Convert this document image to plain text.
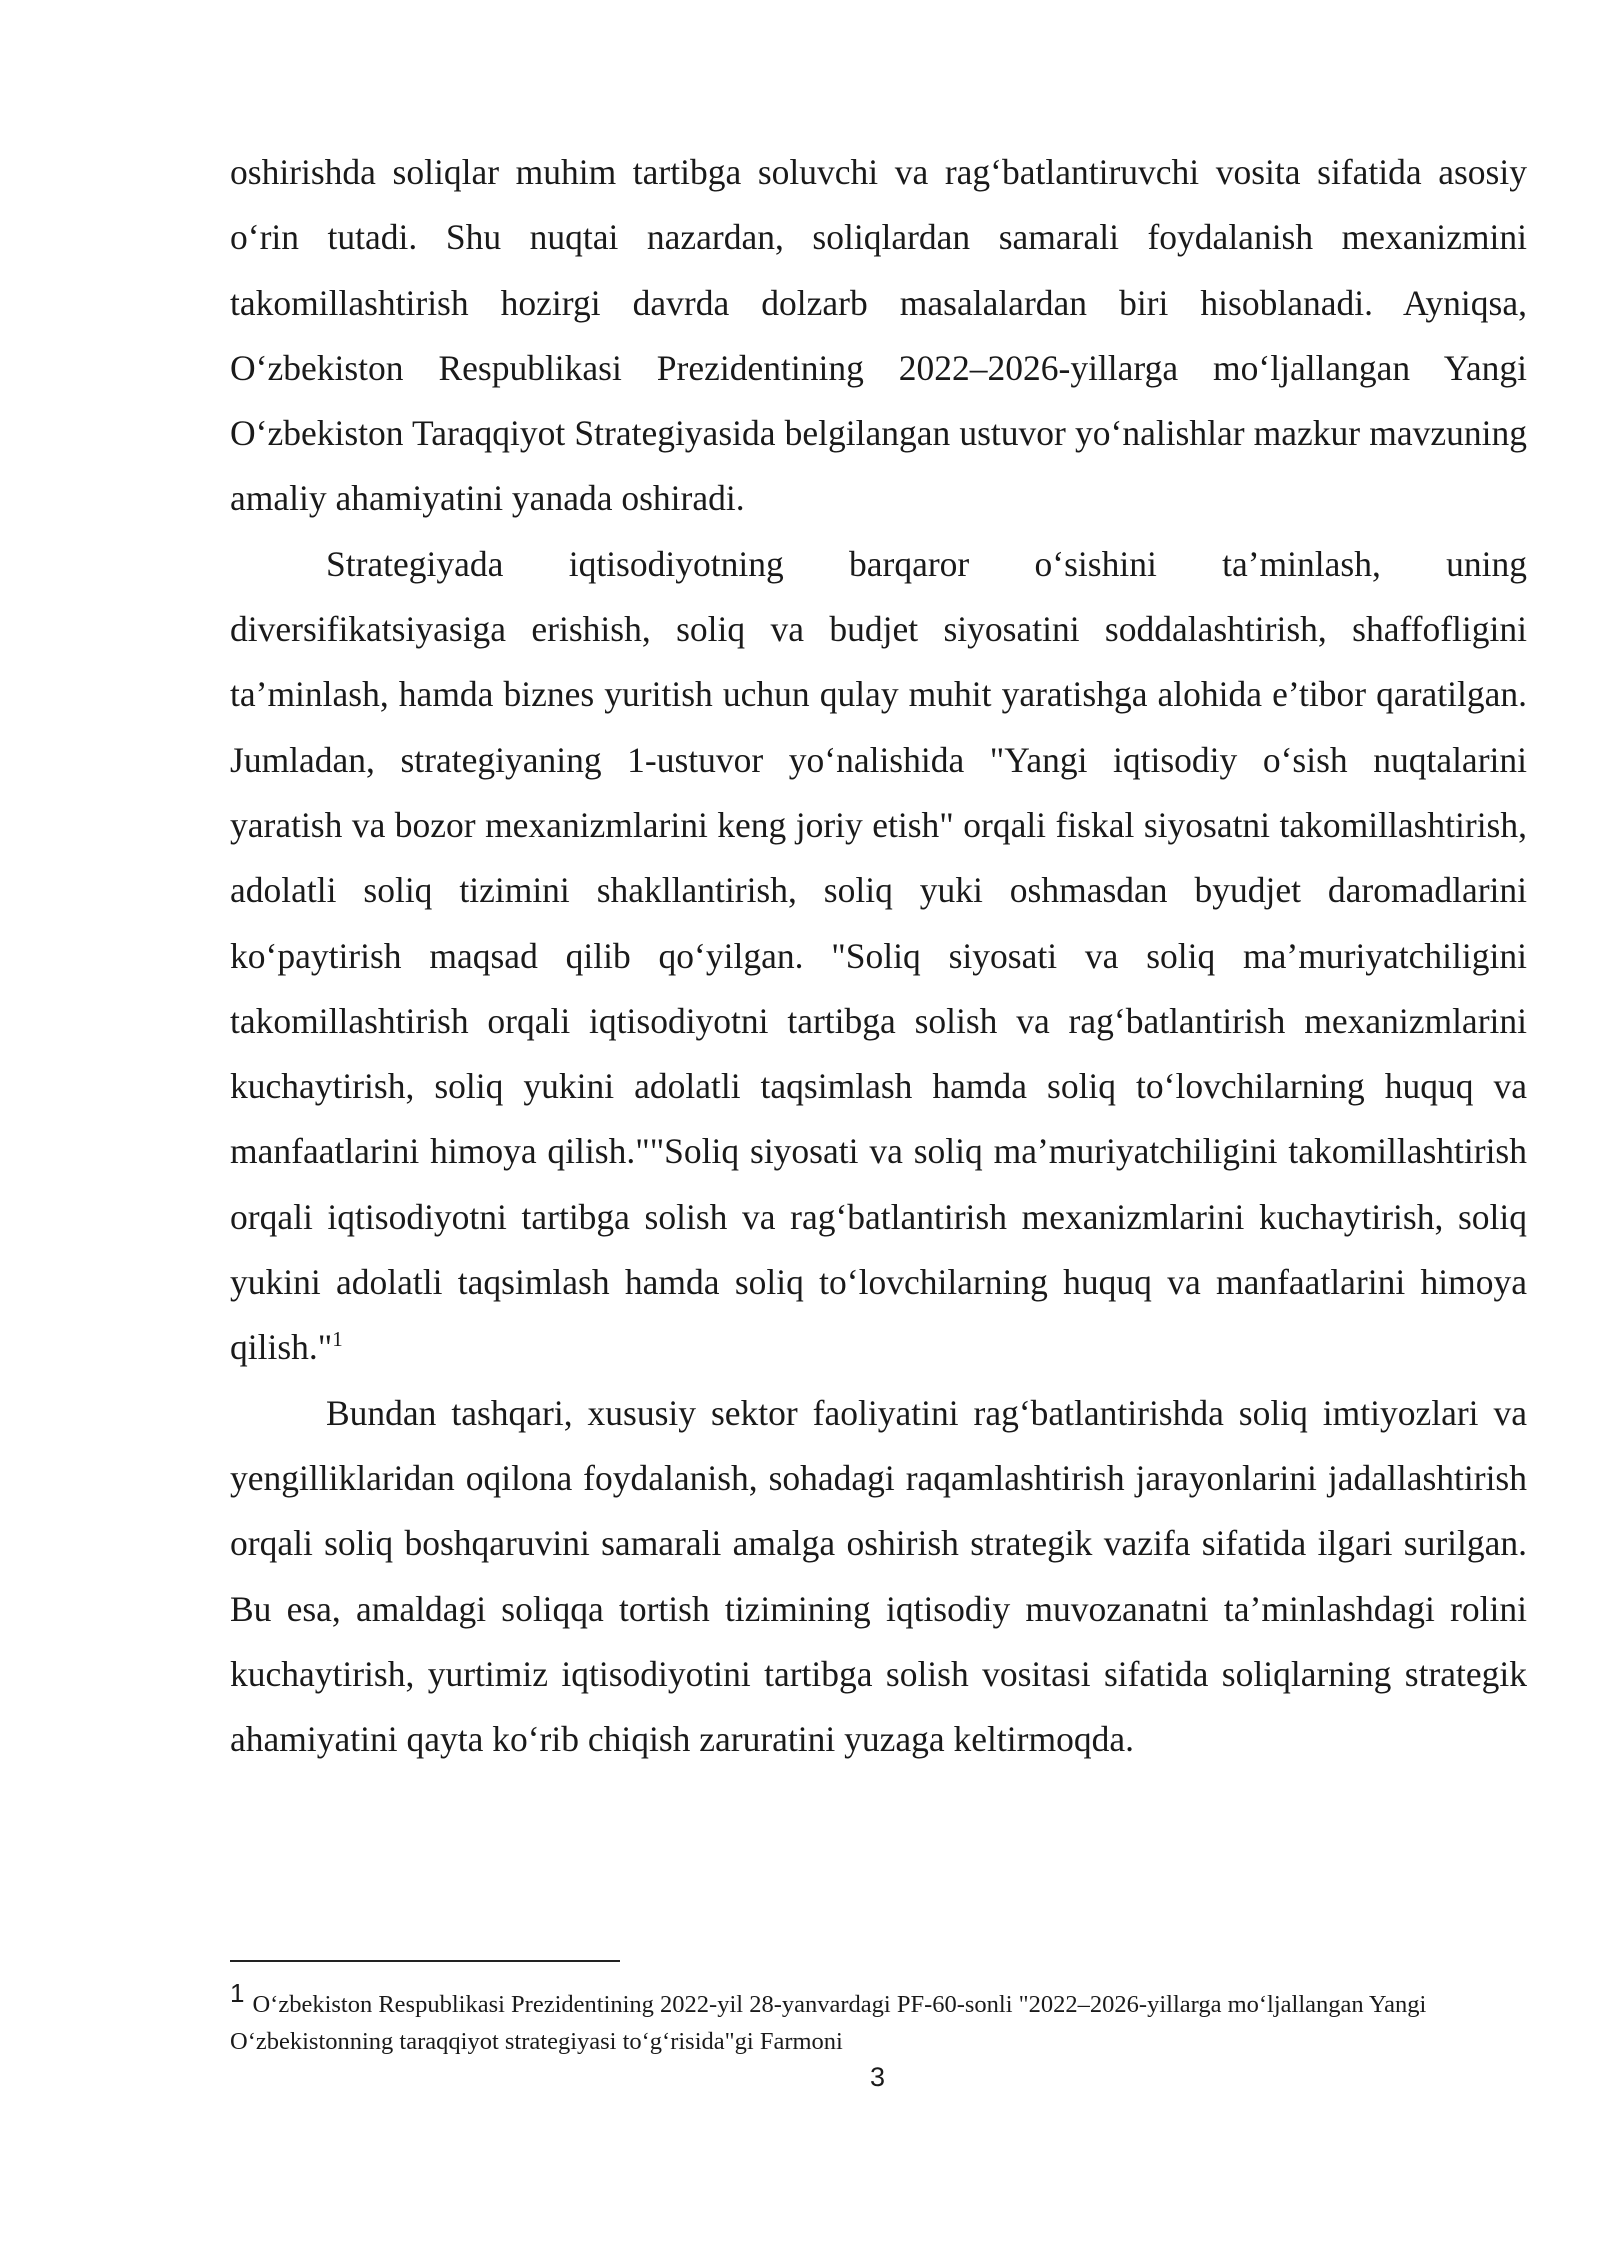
oshirishda soliqlar muhim tartibga soluvchi va rag‘batlantiruvchi vosita sifatida asosiy o‘rin tutadi. Shu nuqtai nazardan, soliqlardan samarali foydalanish mexanizmini takomillashtirish hozirgi davrda dolzarb masalalardan biri hisoblanadi. Ayniqsa, O‘zbekiston Respublikasi Prezidentining 2022–2026-yillarga mo‘ljallangan Yangi O‘zbekiston Taraqqiyot Strategiyasida belgilangan ustuvor yo‘nalishlar mazkur mavzuning amaliy ahamiyatini yanada oshiradi.

Strategiyada iqtisodiyotning barqaror o‘sishini ta’minlash, uning diversifikatsiyasiga erishish, soliq va budjet siyosatini soddalashtirish, shaffofligini ta’minlash, hamda biznes yuritish uchun qulay muhit yaratishga alohida e’tibor qaratilgan. Jumladan, strategiyaning 1-ustuvor yo‘nalishida "Yangi iqtisodiy o‘sish nuqtalarini yaratish va bozor mexanizmlarini keng joriy etish" orqali fiskal siyosatni takomillashtirish, adolatli soliq tizimini shakllantirish, soliq yuki oshmasdan byudjet daromadlarini ko‘paytirish maqsad qilib qo‘yilgan. "Soliq siyosati va soliq ma’muriyatchiligini takomillashtirish orqali iqtisodiyotni tartibga solish va rag‘batlantirish mexanizmlarini kuchaytirish, soliq yukini adolatli taqsimlash hamda soliq to‘lovchilarning huquq va manfaatlarini himoya qilish.""Soliq siyosati va soliq ma’muriyatchiligini takomillashtirish orqali iqtisodiyotni tartibga solish va rag‘batlantirish mexanizmlarini kuchaytirish, soliq yukini adolatli taqsimlash hamda soliq to‘lovchilarning huquq va manfaatlarini himoya qilish."$^1$

Bundan tashqari, xususiy sektor faoliyatini rag‘batlantirishda soliq imtiyozlari va yengilliklaridan oqilona foydalanish, sohadagi raqamlashtirish jarayonlarini jadallashtirish orqali soliq boshqaruvini samarali amalga oshirish strategik vazifa sifatida ilgari surilgan. Bu esa, amaldagi soliqqa tortish tizimining iqtisodiy muvozanatni ta’minlashdagi rolini kuchaytirish, yurtimiz iqtisodiyotini tartibga solish vositasi sifatida soliqlarning strategik ahamiyatini qayta ko‘rib chiqish zaruratini yuzaga keltirmoqda.

1 O‘zbekiston Respublikasi Prezidentining 2022-yil 28-yanvardagi PF-60-sonli "2022–2026-yillarga mo‘ljallangan Yangi O‘zbekistonning taraqqiyot strategiyasi to‘g‘risida"gi Farmoni
3
